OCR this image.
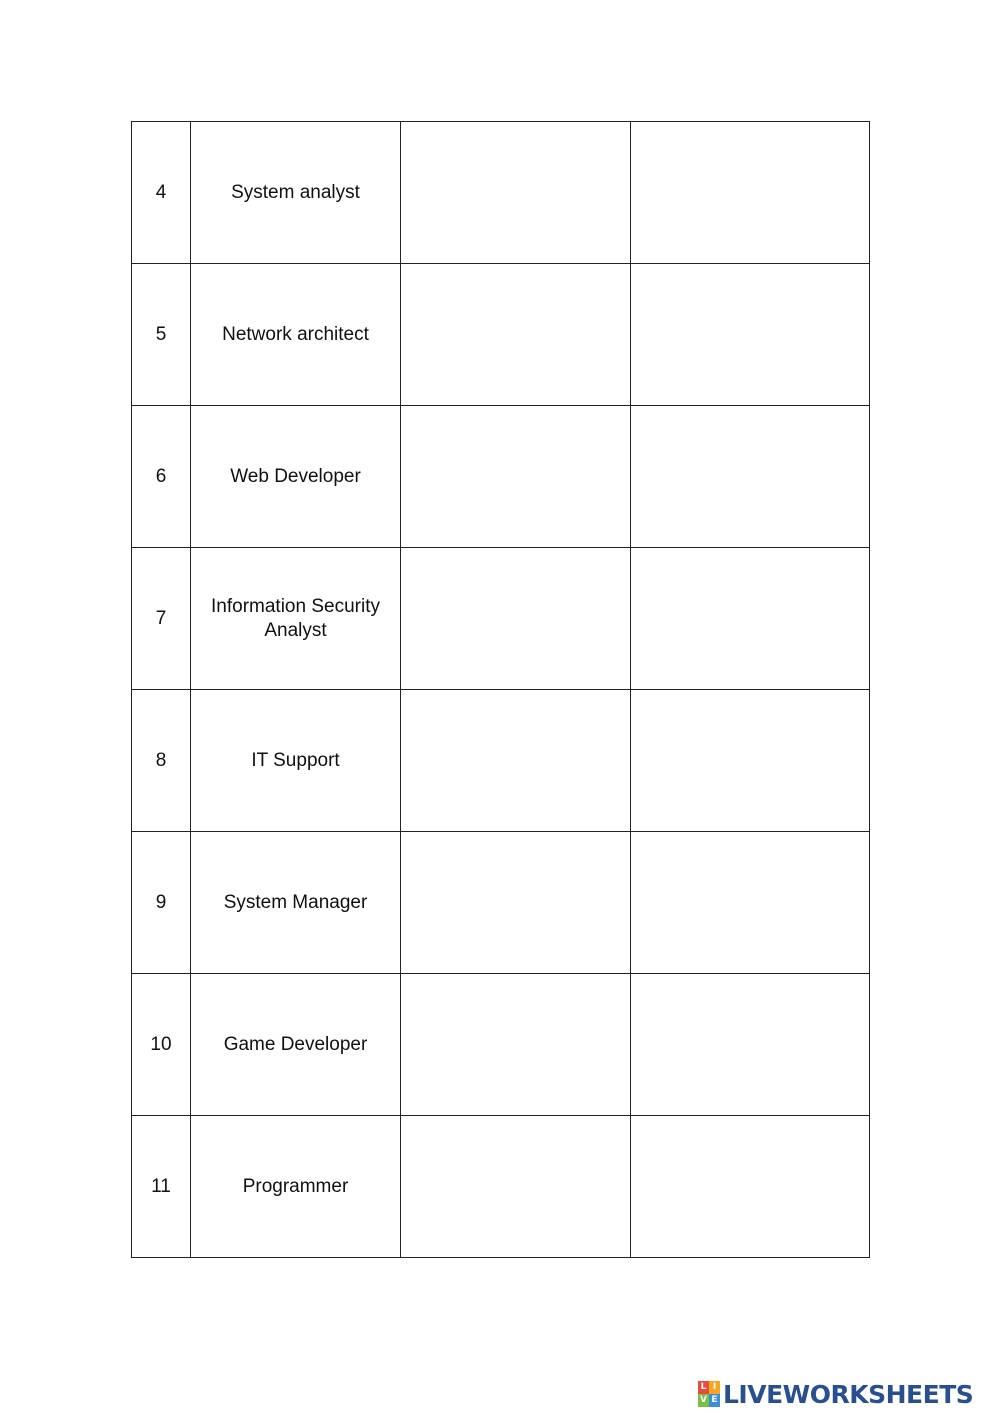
4	System analyst		
5	Network architect		
6	Web Developer		
7	Information Security Analyst		
8	IT Support		
9	System Manager		
10	Game Developer		
11	Programmer		
L I
V E LIVEWORKSHEETS
